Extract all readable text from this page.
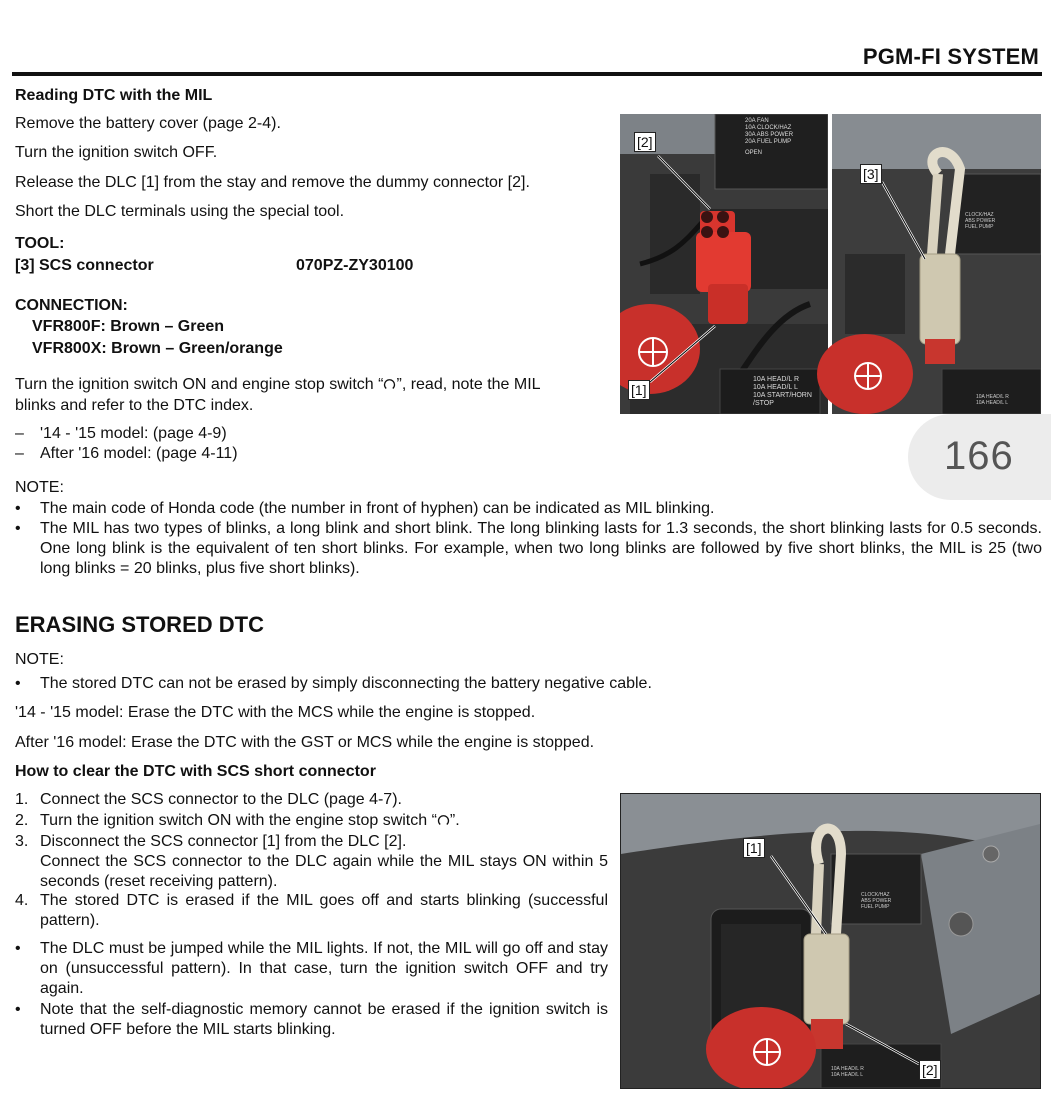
PGM-FI SYSTEM
Reading DTC with the MIL
Remove the battery cover (page 2-4).
Turn the ignition switch OFF.
Release the DLC [1] from the stay and remove the dummy connector [2].
Short the DLC terminals using the special tool.
TOOL:
[3] SCS connector	070PZ-ZY30100
CONNECTION:
VFR800F: Brown – Green
VFR800X: Brown – Green/orange
Turn the ignition switch ON and engine stop switch “ ”, read, note the MIL
blinks and refer to the DTC index.
– '14 - '15 model: (page 4-9)
– After '16 model: (page 4-11)	166
NOTE:
• The main code of Honda code (the number in front of hyphen) can be indicated as MIL blinking.
• The MIL has two types of blinks, a long blink and short blink. The long blinking lasts for 1.3 seconds, the short blinking lasts for 0.5 seconds. One long blink is the equivalent of ten short blinks. For example, when two long blinks are followed by five short blinks, the MIL is 25 (two long blinks = 20 blinks, plus five short blinks).
20A FAN
10A CLOCK/HAZ
30A ABS POWER
20A FUEL PUMP
OPEN
10A HEAD/L R
10A HEAD/L L
10A START/HORN
/STOP
CLOCK/HAZ
ABS POWER
FUEL PUMP
10A HEAD/L R
10A HEAD/L L
[2]
[1]
[3]
ERASING STORED DTC
NOTE:
• The stored DTC can not be erased by simply disconnecting the battery negative cable.
'14 - '15 model: Erase the DTC with the MCS while the engine is stopped.
After '16 model: Erase the DTC with the GST or MCS while the engine is stopped.
How to clear the DTC with SCS short connector
1. Connect the SCS connector to the DLC (page 4-7).
2. Turn the ignition switch ON with the engine stop switch “ ”.
3. Disconnect the SCS connector [1] from the DLC [2].
Connect the SCS connector to the DLC again while the MIL stays ON within 5 seconds (reset receiving pattern).
4. The stored DTC is erased if the MIL goes off and starts blinking (successful pattern).
• The DLC must be jumped while the MIL lights. If not, the MIL will go off and stay on (unsuccessful pattern). In that case, turn the ignition switch OFF and try again.
• Note that the self-diagnostic memory cannot be erased if the ignition switch is turned OFF before the MIL starts blinking.
CLOCK/HAZ
ABS POWER
FUEL PUMP
10A HEAD/L R
10A HEAD/L L
[1]
[2]
